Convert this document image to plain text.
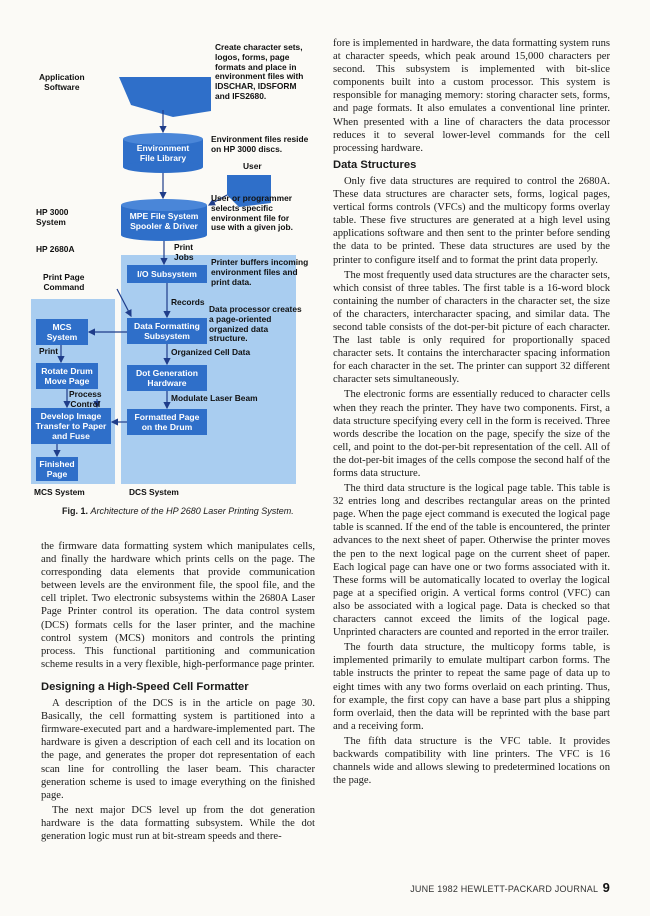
Application
Software
HP 3000
System
HP 2680A
Print Page
Command
User
Create character sets,
logos, forms, page
formats and place in
environment files with
IDSCHAR, IDSFORM
and IFS2680.
Environment files reside
on HP 3000 discs.
User or programmer
selects specific
environment file for
use with a given job.
Print
Jobs
Printer buffers incoming
environment files and
print data.
Records
Data processor creates
a page-oriented
organized data
structure.
Organized Cell Data
Modulate Laser Beam
Print
Process
Control
Environment
File Library
MPE File System
Spooler & Driver
I/O Subsystem
Data Formatting
Subsystem
Dot Generation
Hardware
Formatted Page
on the Drum
MCS
System
Rotate Drum
Move Page
Develop Image
Transfer to Paper
and Fuse
Finished
Page
MCS System	DCS System
Fig. 1. Architecture of the HP 2680 Laser Printing System.

the firmware data formatting system which manipulates cells, and finally the hardware which prints cells on the page. The corresponding data elements that provide communication between levels are the environment file, the spool file, and the cell triplet. Two electronic subsystems within the 2680A Laser Page Printer control its operation. The data control system (DCS) formats cells for the laser printer, and the machine control system (MCS) monitors and controls the printing process. This functional partitioning and communication scheme results in a very flexible, high-performance page printer.

Designing a High-Speed Cell Formatter

A description of the DCS is in the article on page 30. Basically, the cell formatting system is partitioned into a firmware-executed part and a hardware-implemented part. The hardware is given a description of each cell and its location on the page, and generates the proper dot representation of each scan line for controlling the laser beam. This character generation scheme is used to image everything on the finished page.

The next major DCS level up from the dot generation hardware is the data formatting subsystem. While the dot generation logic must run at bit-stream speeds and there-

fore is implemented in hardware, the data formatting system runs at character speeds, which peak around 15,000 characters per second. This subsystem is implemented with bit-slice components built into a custom processor. This system is responsible for managing memory: storing character sets, forms, and page formats. It also emulates a conventional line printer. When presented with a line of characters the data processor reduces it to several lower-level commands for the cell processing hardware.

Data Structures

Only five data structures are required to control the 2680A. These data structures are character sets, forms, logical pages, vertical forms controls (VFCs) and the multicopy forms overlay table. These five structures are generated at a high level using applications software and then sent to the printer before sending the data to be printed. These data structures are used by the printer to configure itself and to format the print data properly.

The most frequently used data structures are the character sets, which consist of three tables. The first table is a 16-word block containing the number of characters in the character set, the size of the characters, intercharacter spacing, and similar data. The second table consists of the dot-per-bit picture of each character. The last table is only required for proportionally spaced character sets. It contains the intercharacter spacing information for each character in the set. The printer can support 32 different character sets simultaneously.

The electronic forms are essentially reduced to character cells when they reach the printer. They have two components. First, a data structure specifying every cell in the form is received. Three words describe the location on the page, specify the size of the cell, and point to the dot-per-bit representation of the cell. All of the dot-per-bit images of the cells compose the second half of the forms data structure.

The third data structure is the logical page table. This table is 32 entries long and describes rectangular areas on the printed page. When the page eject command is executed the logical page table is scanned. If the end of the table is encountered, the printer advances to the next sheet of paper. Otherwise the printer moves the pen to the next logical page on the current sheet of paper. Each logical page can have one or two forms associated with it. These forms will be automatically located to overlay the logical page at a specified origin. A vertical forms control (VFC) can also be associated with a logical page. Data is checked so that characters cannot exceed the limits of the logical page. Unprinted characters are counted and reported in the error trailer.

The fourth data structure, the multicopy forms table, is implemented primarily to emulate multipart carbon forms. The table instructs the printer to repeat the same page of data up to eight times with any two forms overlaid on each printing. Thus, for example, the first copy can have a base part plus a shipping form overlaid, then the data will be reprinted with the base part and a receiving form.

The fifth data structure is the VFC table. It provides backwards compatibility with line printers. The VFC is 16 channels wide and allows slewing to predetermined locations on the page.

JUNE 1982 HEWLETT-PACKARD JOURNAL 9
